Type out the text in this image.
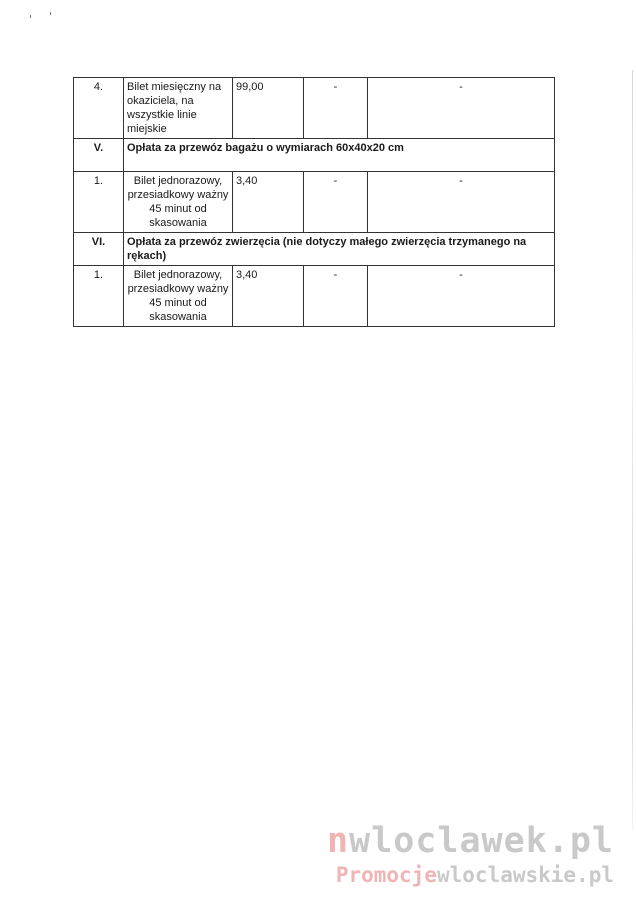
4.	Bilet miesięczny na okaziciela, na wszystkie linie miejskie	99,00	-	-
V.	Opłata za przewóz bagażu o wymiarach 60x40x20 cm			
1.	Bilet jednorazowy, przesiadkowy ważny 45 minut od skasowania	3,40	-	-
VI.	Opłata za przewóz zwierzęcia (nie dotyczy małego zwierzęcia trzymanego na rękach)			
1.	Bilet jednorazowy, przesiadkowy ważny 45 minut od skasowania	3,40	-	-
nwloclawek.pl
Promocjewloclawskie.pl
